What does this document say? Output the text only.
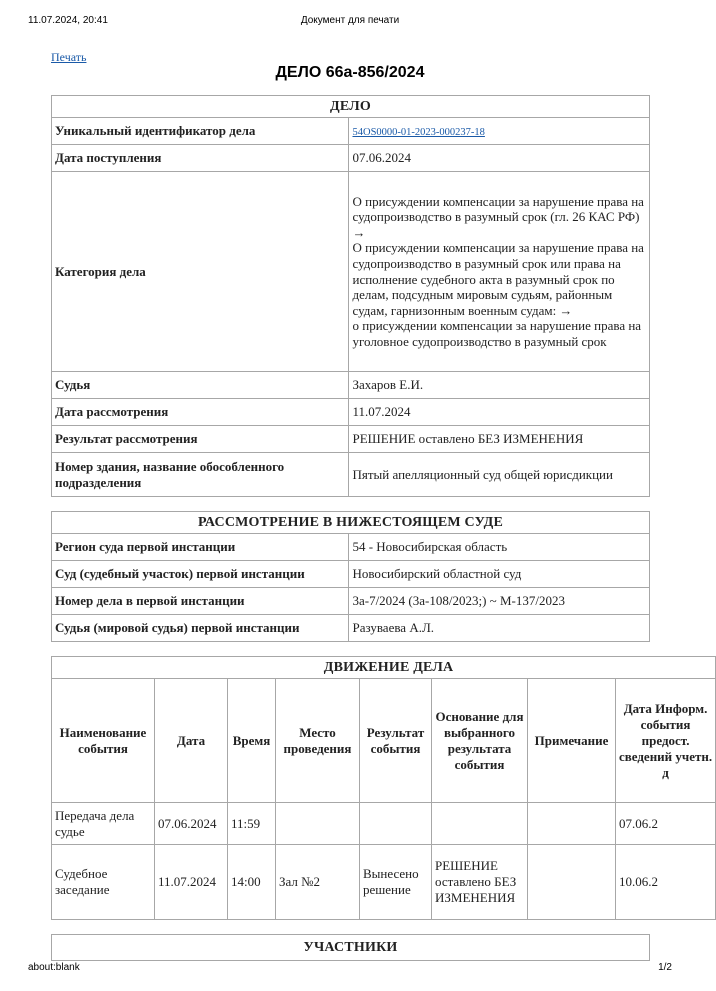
11.07.2024, 20:41	Документ для печати
Печать
ДЕЛО 66а-856/2024
ДЕЛО	
Уникальный идентификатор дела	54OS0000-01-2023-000237-18
Дата поступления	07.06.2024
Категория дела	О присуждении компенсации за нарушение права на судопроизводство в разумный срок (гл. 26 КАС РФ) →
О присуждении компенсации за нарушение права на судопроизводство в разумный срок или права на исполнение судебного акта в разумный срок по делам, подсудным мировым судьям, районным судам, гарнизонным военным судам: →
о присуждении компенсации за нарушение права на уголовное судопроизводство в разумный срок

Судья	Захаров Е.И.
Дата рассмотрения	11.07.2024
Результат рассмотрения	РЕШЕНИЕ оставлено БЕЗ ИЗМЕНЕНИЯ
Номер здания, название обособленного подразделения	Пятый апелляционный суд общей юрисдикции
РАССМОТРЕНИЕ В НИЖЕСТОЯЩЕМ СУДЕ	
Регион суда первой инстанции	54 - Новосибирская область
Суд (судебный участок) первой инстанции	Новосибирский областной суд
Номер дела в первой инстанции	3а-7/2024 (3а-108/2023;) ~ М-137/2023
Судья (мировой судья) первой инстанции	Разуваева А.Л.
ДВИЖЕНИЕ ДЕЛА							
Наименование события	Дата	Время	Место проведения	Результат события	Основание для выбранного результата события	Примечание	Дата Информ. события предост. сведений учетн. д
Передача дела судье	07.06.2024	11:59					07.06.2
Судебное заседание	11.07.2024	14:00	Зал №2	Вынесено решение	РЕШЕНИЕ оставлено БЕЗ ИЗМЕНЕНИЯ		10.06.2
УЧАСТНИКИ
about:blank	1/2
